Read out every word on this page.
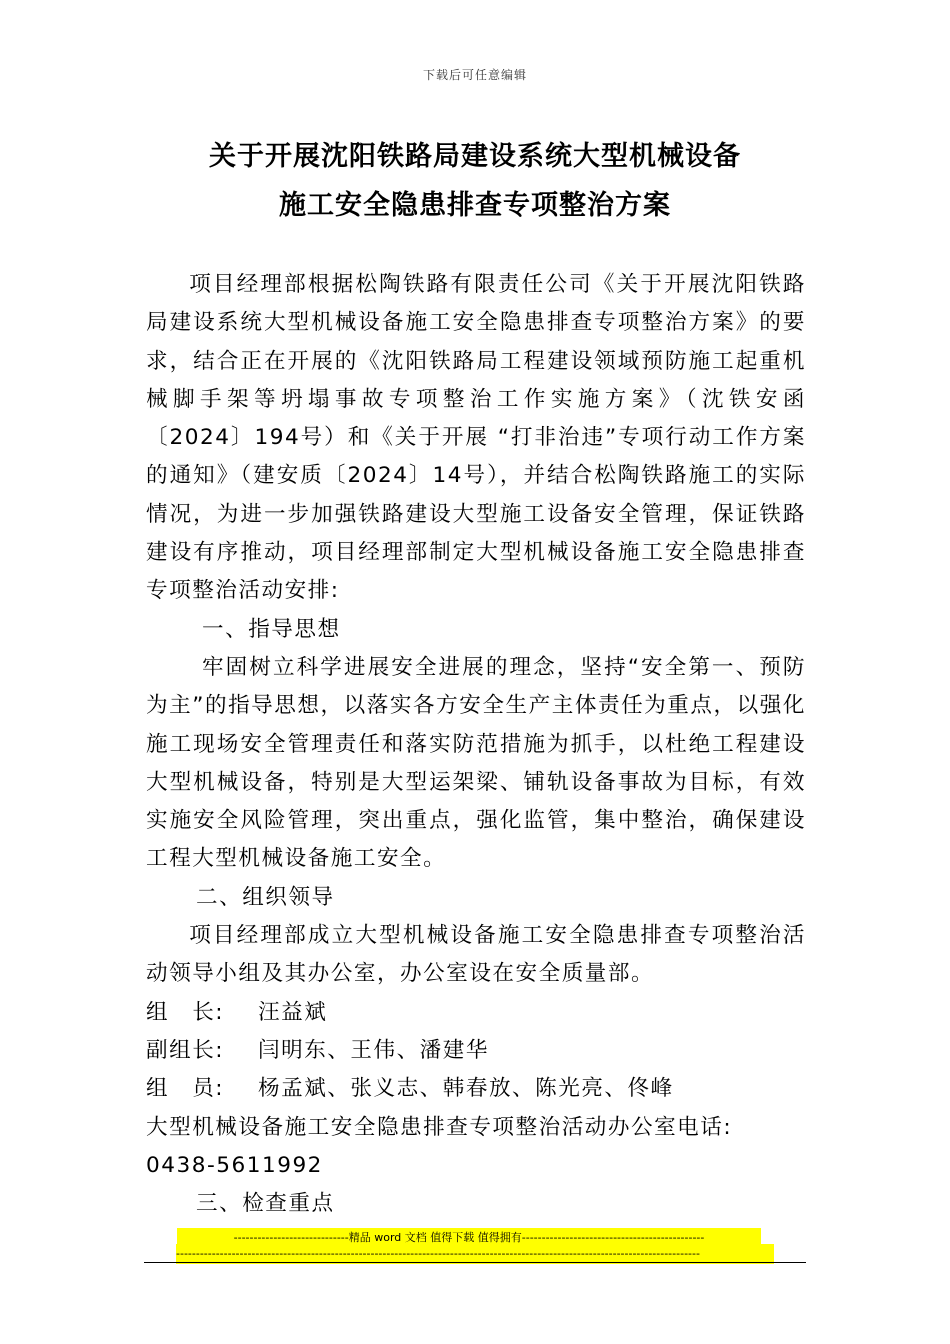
下载后可任意编辑
关于开展沈阳铁路局建设系统大型机械设备
施工安全隐患排查专项整治方案

项目经理部根据松陶铁路有限责任公司《关于开展沈阳铁路局建设系统大型机械设备施工安全隐患排查专项整治方案》的要求，结合正在开展的《沈阳铁路局工程建设领域预防施工起重机械脚手架等坍塌事故专项整治工作实施方案》（沈铁安函〔2024〕194号）和《关于开展 “打非治违”专项行动工作方案的通知》（建安质〔2024〕14号），并结合松陶铁路施工的实际情况，为进一步加强铁路建设大型施工设备安全管理，保证铁路建设有序推动，项目经理部制定大型机械设备施工安全隐患排查专项整治活动安排:

一、指导思想

牢固树立科学进展安全进展的理念，坚持“安全第一、预防为主”的指导思想，以落实各方安全生产主体责任为重点，以强化施工现场安全管理责任和落实防范措施为抓手，以杜绝工程建设大型机械设备，特别是大型运架梁、铺轨设备事故为目标，有效实施安全风险管理，突出重点，强化监管，集中整治，确保建设工程大型机械设备施工安全。

二、组织领导

项目经理部成立大型机械设备施工安全隐患排查专项整治活动领导小组及其办公室，办公室设在安全质量部。

组　长: 汪益斌

副组长: 闫明东、王伟、潘建华

组　员: 杨孟斌、张义志、韩春放、陈光亮、佟峰

大型机械设备施工安全隐患排查专项整治活动办公室电话:

0438-5611992

三、检查重点

-----------------------------精品 word 文档 值得下载 值得拥有----------------------------------------------
------------------------------------------------------------------------------------------------------------------------------------
